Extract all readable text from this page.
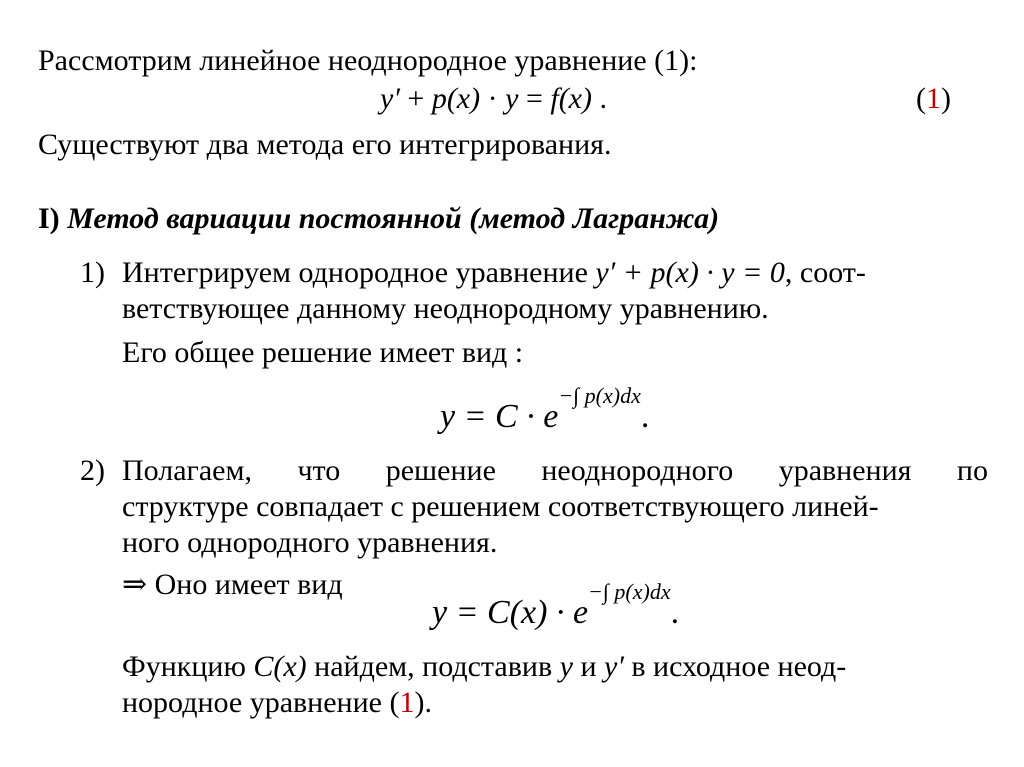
Рассмотрим линейное неоднородное уравнение (1):
y′ + p(x) · y = f(x) .	(1)
Существуют два метода его интегрирования.
I) Метод вариации постоянной (метод Лагранжа)
1) Интегрируем однородное уравнение y′ + p(x) · y = 0, соот-
ветствующее данному неоднородному уравнению.
Его общее решение имеет вид :
$y = C \cdot e^{-\int p(x)dx}$.
2) Полагаем, что решение неоднородного уравнения по
структуре совпадает с решением соответствующего линей-
ного однородного уравнения.
⇒ Оно имеет вид
$y = C(x) \cdot e^{-\int p(x)dx}$.
Функцию C(x) найдем, подставив y и y′ в исходное неод-
нородное уравнение (1).
